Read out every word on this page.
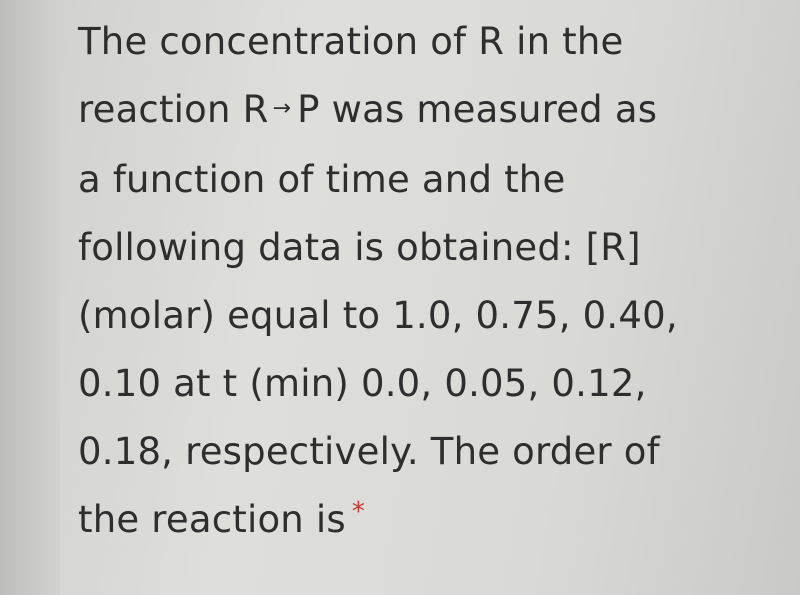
The concentration of R in the
reaction R → P was measured as
a function of time and the
following data is obtained: [R]
(molar) equal to 1.0, 0.75, 0.40,
0.10 at t (min) 0.0, 0.05, 0.12,
0.18, respectively. The order of
the reaction is *
